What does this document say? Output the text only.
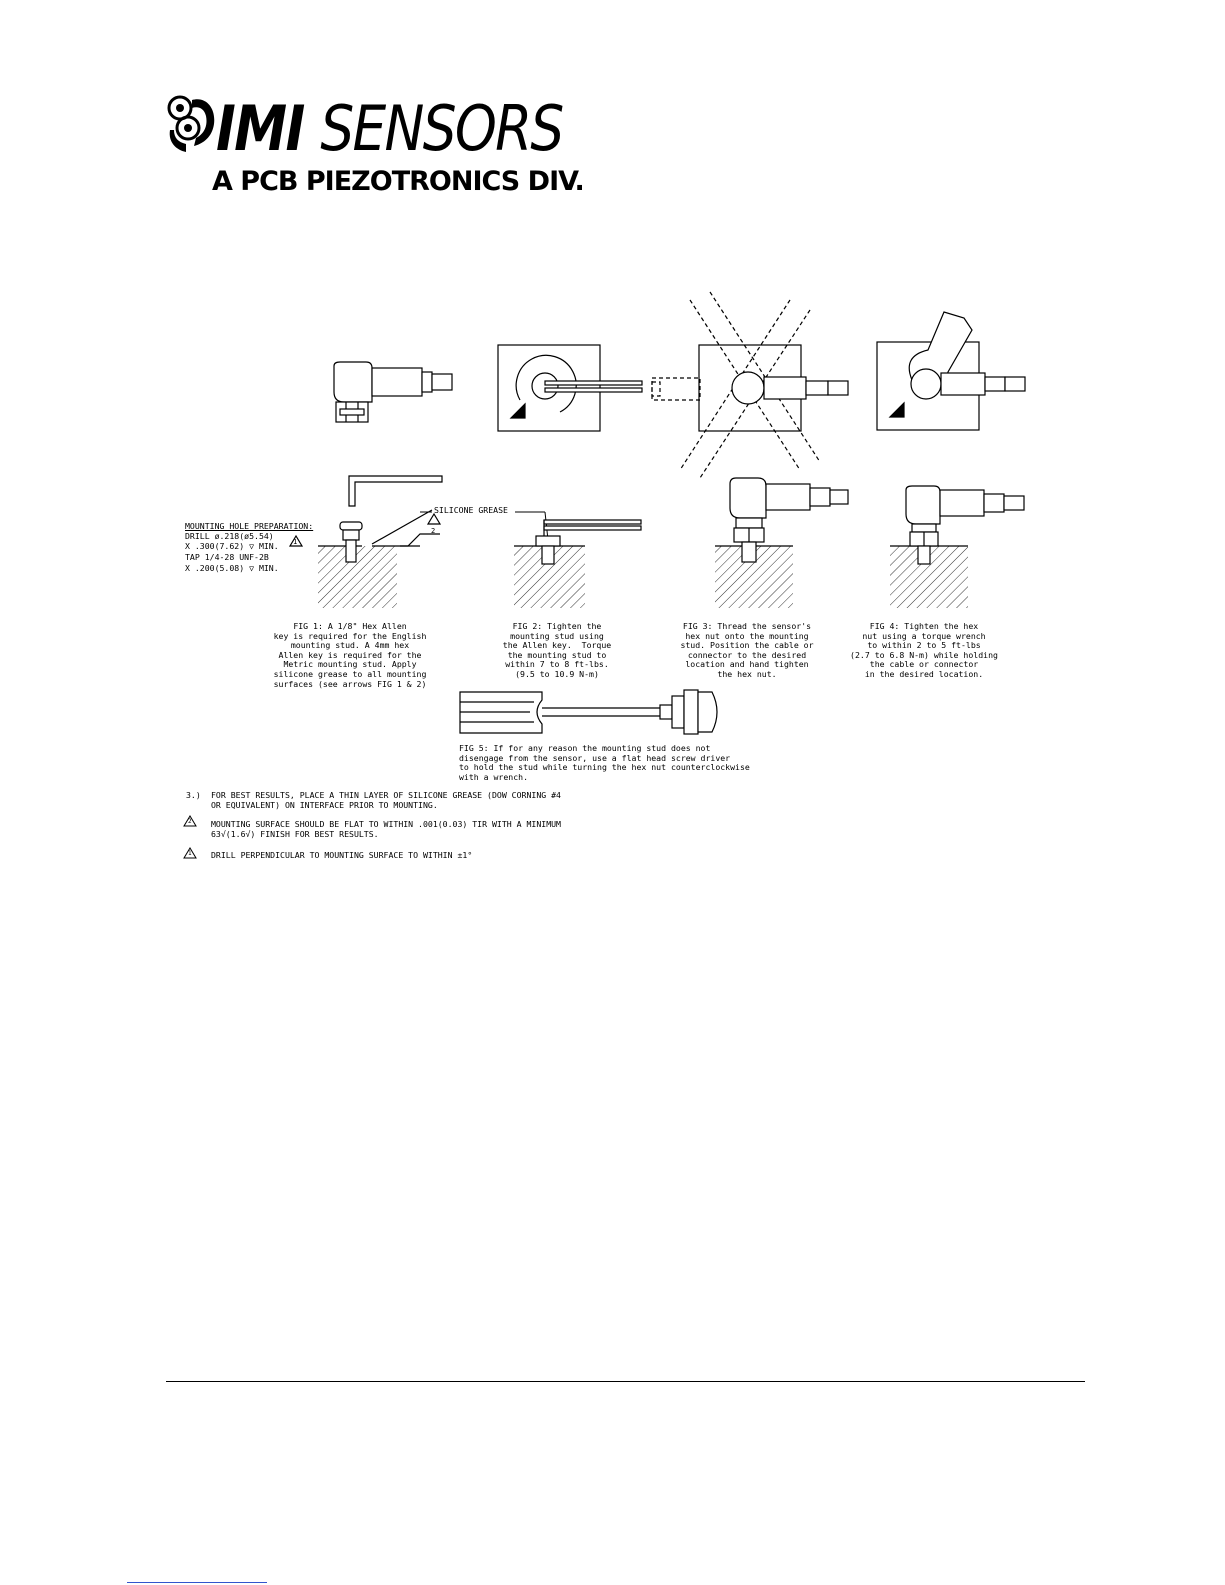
IMI SENSORS
A PCB PIEZOTRONICS DIV.
SILICONE GREASE
2
1
MOUNTING HOLE PREPARATION:
DRILL ø.218(ø5.54)
X .300(7.62) ▽ MIN.
TAP 1/4-28 UNF-2B
X .200(5.08) ▽ MIN.
FIG 1: A 1/8" Hex Allen
key is required for the English
mounting stud. A 4mm hex
Allen key is required for the
Metric mounting stud. Apply
silicone grease to all mounting
surfaces (see arrows FIG 1 & 2)
FIG 2: Tighten the
mounting stud using
the Allen key.  Torque
the mounting stud to
within 7 to 8 ft-lbs.
(9.5 to 10.9 N-m)
FIG 3: Thread the sensor's
hex nut onto the mounting
stud. Position the cable or
connector to the desired
location and hand tighten
the hex nut.
FIG 4: Tighten the hex
nut using a torque wrench
to within 2 to 5 ft-lbs
(2.7 to 6.8 N-m) while holding
the cable or connector
in the desired location.
FIG 5: If for any reason the mounting stud does not
disengage from the sensor, use a flat head screw driver
to hold the stud while turning the hex nut counterclockwise
with a wrench.
3.) FOR BEST RESULTS, PLACE A THIN LAYER OF SILICONE GREASE (DOW CORNING #4
OR EQUIVALENT) ON INTERFACE PRIOR TO MOUNTING.
2 MOUNTING SURFACE SHOULD BE FLAT TO WITHIN .001(0.03) TIR WITH A MINIMUM
63√(1.6√) FINISH FOR BEST RESULTS.
1 DRILL PERPENDICULAR TO MOUNTING SURFACE TO WITHIN ±1°
